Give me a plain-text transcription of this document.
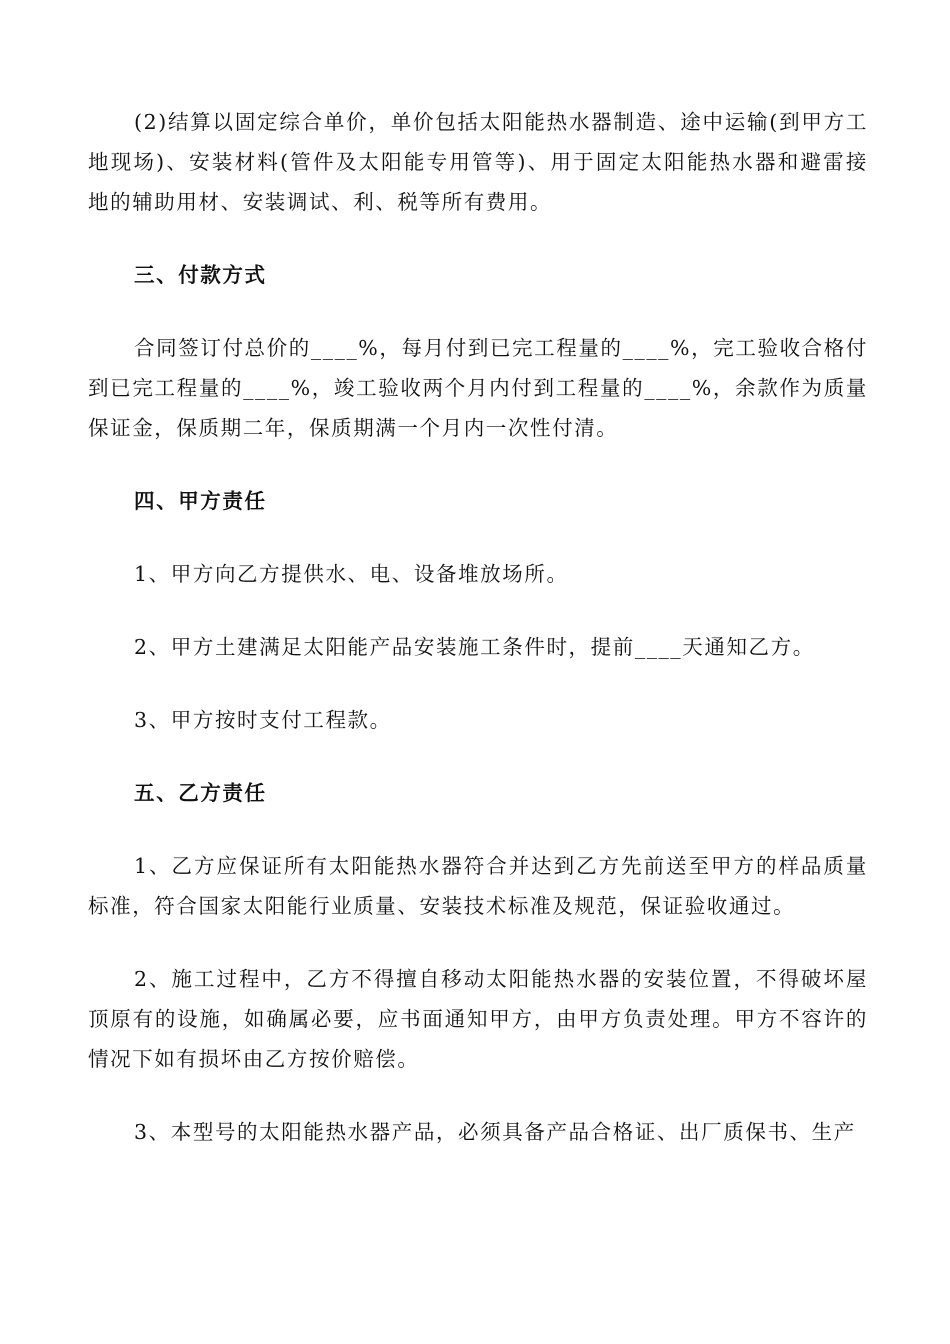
(2)结算以固定综合单价，单价包括太阳能热水器制造、途中运输(到甲方工地现场)、安装材料(管件及太阳能专用管等)、用于固定太阳能热水器和避雷接地的辅助用材、安装调试、利、税等所有费用。

三、付款方式

合同签订付总价的____%，每月付到已完工程量的____%，完工验收合格付到已完工程量的____%，竣工验收两个月内付到工程量的____%，余款作为质量保证金，保质期二年，保质期满一个月内一次性付清。

四、甲方责任

1、甲方向乙方提供水、电、设备堆放场所。

2、甲方土建满足太阳能产品安装施工条件时，提前____天通知乙方。

3、甲方按时支付工程款。

五、乙方责任

1、乙方应保证所有太阳能热水器符合并达到乙方先前送至甲方的样品质量标准，符合国家太阳能行业质量、安装技术标准及规范，保证验收通过。

2、施工过程中，乙方不得擅自移动太阳能热水器的安装位置，不得破坏屋顶原有的设施，如确属必要，应书面通知甲方，由甲方负责处理。甲方不容许的情况下如有损坏由乙方按价赔偿。

3、本型号的太阳能热水器产品，必须具备产品合格证、出厂质保书、生产
